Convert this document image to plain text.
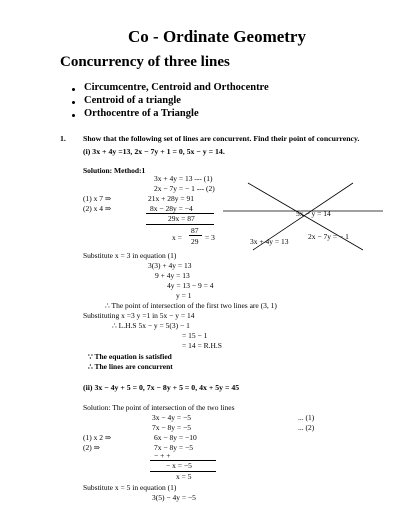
Co - Ordinate Geometry
Concurrency of three lines
Circumcentre, Centroid and Orthocentre
Centroid of a triangle
Orthocentre of a Triangle
1. Show that the following set of lines are concurrent. Find their point of concurrency.
(i) 3x + 4y =13, 2x − 7y + 1 = 0, 5x − y = 14.
Solution: Method:1
3x + 4y = 13 --- (1)
2x − 7y = − 1 --- (2)
(1) x 7 ⇒	21x + 28y = 91
(2) x 4 ⇒	8x − 28y = −4
29x = 87
x =
87
29 = 3
Substitute x = 3 in equation (1)
3(3) + 4y = 13
9 + 4y = 13
4y = 13 − 9 = 4
y = 1
∴ The point of intersection of the first two lines are (3, 1)
Substituting x =3 y =1 in 5x − y = 14
∴ L.H.S 5x − y = 5(3) − 1
= 15 − 1
= 14 = R.H.S
∵ The equation is satisfied
∴ The lines are concurrent
5x − y = 14
2x − 7y = − 1
3x + 4y = 13
(ii) 3x − 4y + 5 = 0, 7x − 8y + 5 = 0, 4x + 5y = 45
Solution: The point of intersection of the two lines
3x − 4y = −5	... (1)
7x − 8y = −5	... (2)
(1) x 2 ⇒	6x − 8y = −10
(2) ⇒	7x − 8y = −5
− + +
− x = −5
x = 5
Substitute x = 5 in equation (1)
3(5) − 4y = −5
